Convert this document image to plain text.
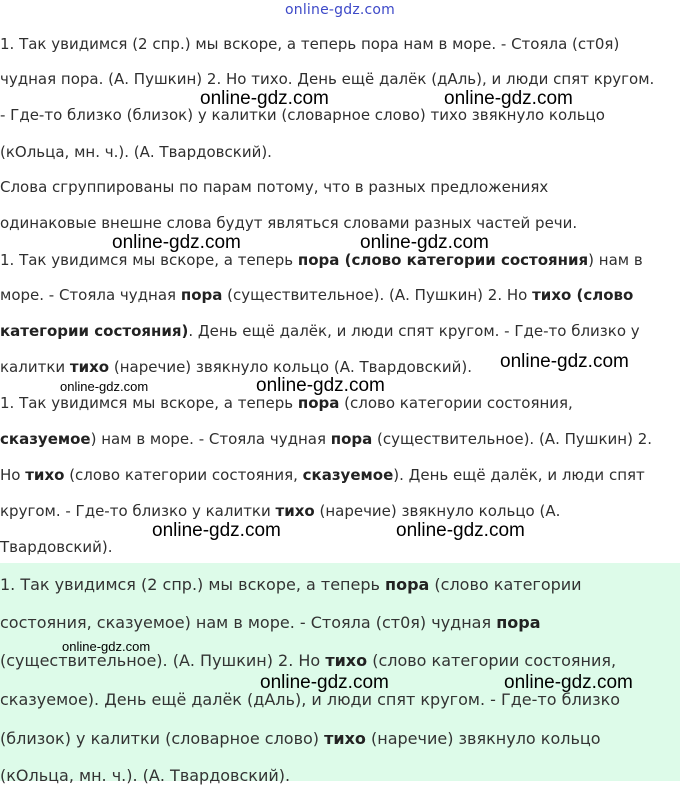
online-gdz.com
1. Так увидимся (2 спр.) мы вскоре, а теперь пора нам в море. - Стоя​ла (ст0я)
чудная пора. (А. Пушкин) 2. Но тихо. День ещё далёк (дАль), и люди спят кругом.
- Где-то близко (близок) у калитки (словарное слово) тихо звякнуло кольцо
(кОльца, мн. ч.). (А. Твардовский).
Слова сгруппированы по парам потому, что в разных предложениях
одинаковые внешне слова будут являться словами разных частей речи.
1. Так увидимся мы вскоре, а теперь пора (слово категории состояния) нам в
море. - Стояла чудная пора (существительное). (А. Пушкин) 2. Но тихо (слово
категории состояния). День ещё далёк, и люди спят кругом. - Где-то близко у
калитки тихо (наречие) звякнуло кольцо (А. Твардовский).
1. Так увидимся мы вскоре, а теперь пора (слово категории состояния,
сказуемое) нам в море. - Стояла чудная пора (существительное). (А. Пушкин) 2.
Но тихо (слово категории состояния, сказуемое). День ещё далёк, и люди спят
кругом. - Где-то близко у калитки тихо (наречие) звякнуло кольцо (А.
Твардовский).
1. Так увидимся (2 спр.) мы вскоре, а теперь пора (слово категории
состояния, сказуемое) нам в море. - Стояла (ст0я) чудная пора
(существительное). (А. Пушкин) 2. Но тихо (слово категории состояния,
сказуемое). День ещё далёк (дАль), и люди спят кругом. - Где-то близко
(близок) у калитки (словарное слово) тихо (наречие) звякнуло кольцо
(кОльца, мн. ч.). (А. Твардовский).
online-gdz.com	online-gdz.com
online-gdz.com	online-gdz.com
online-gdz.com
online-gdz.com	online-gdz.com
online-gdz.com	online-gdz.com
online-gdz.com
online-gdz.com	online-gdz.com
